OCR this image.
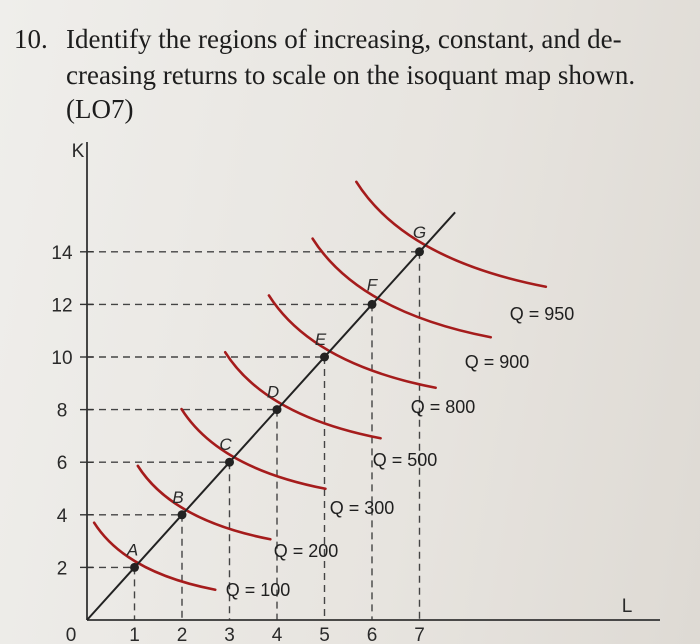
10. Identify the regions of increasing, constant, and de-
creasing returns to scale on the isoquant map shown.
(LO7)
K
L
2
4
6
8
10
12
14
0	1 2 3 4 5 6 7
A
Q = 100
B
Q = 200
C
Q = 300
D
Q = 500
E
Q = 800
F
Q = 900
G
Q = 950
